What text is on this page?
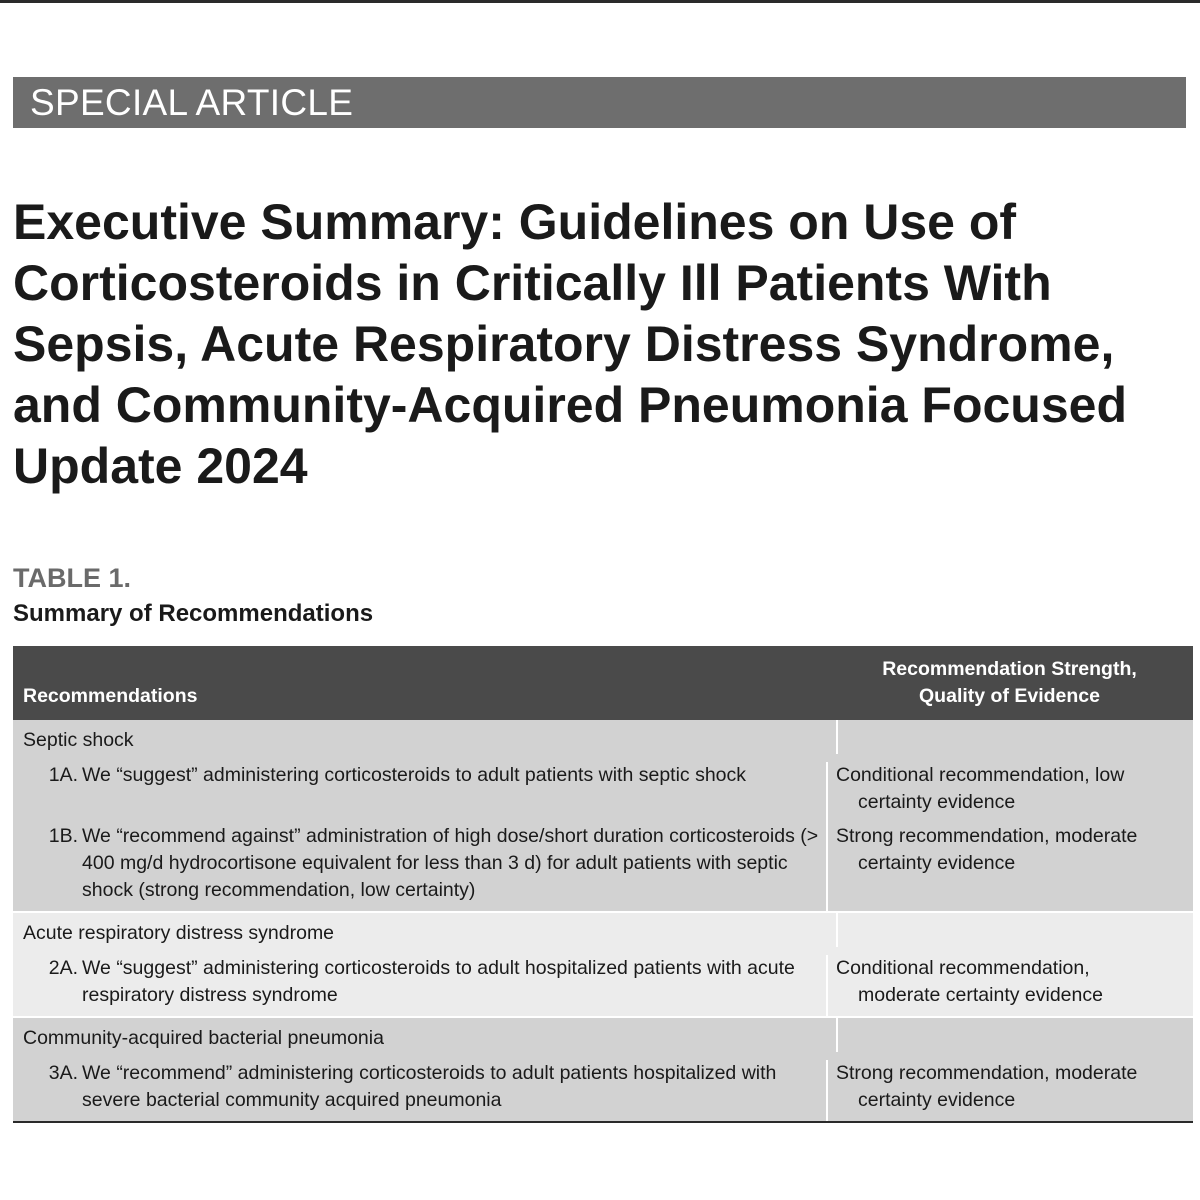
SPECIAL ARTICLE
Executive Summary: Guidelines on Use of Corticosteroids in Critically Ill Patients With Sepsis, Acute Respiratory Distress Syndrome, and Community-Acquired Pneumonia Focused Update 2024
TABLE 1.
Summary of Recommendations
Recommendations
Recommendation Strength,
Quality of Evidence
Septic shock
1A. We “suggest” administering corticosteroids to adult patients with septic shock	Conditional recommendation, low
certainty evidence
1B. We “recommend against” administration of high dose/short duration corticosteroids (> 400 mg/d hydrocortisone equivalent for less than 3 d) for adult patients with septic shock (strong recommendation, low certainty)
Strong recommendation, moderate
certainty evidence
Acute respiratory distress syndrome
2A. We “suggest” administering corticosteroids to adult hospitalized patients with acute respiratory distress syndrome
Conditional recommendation,
moderate certainty evidence
Community-acquired bacterial pneumonia
3A. We “recommend” administering corticosteroids to adult patients hospitalized with severe bacterial community acquired pneumonia
Strong recommendation, moderate
certainty evidence
